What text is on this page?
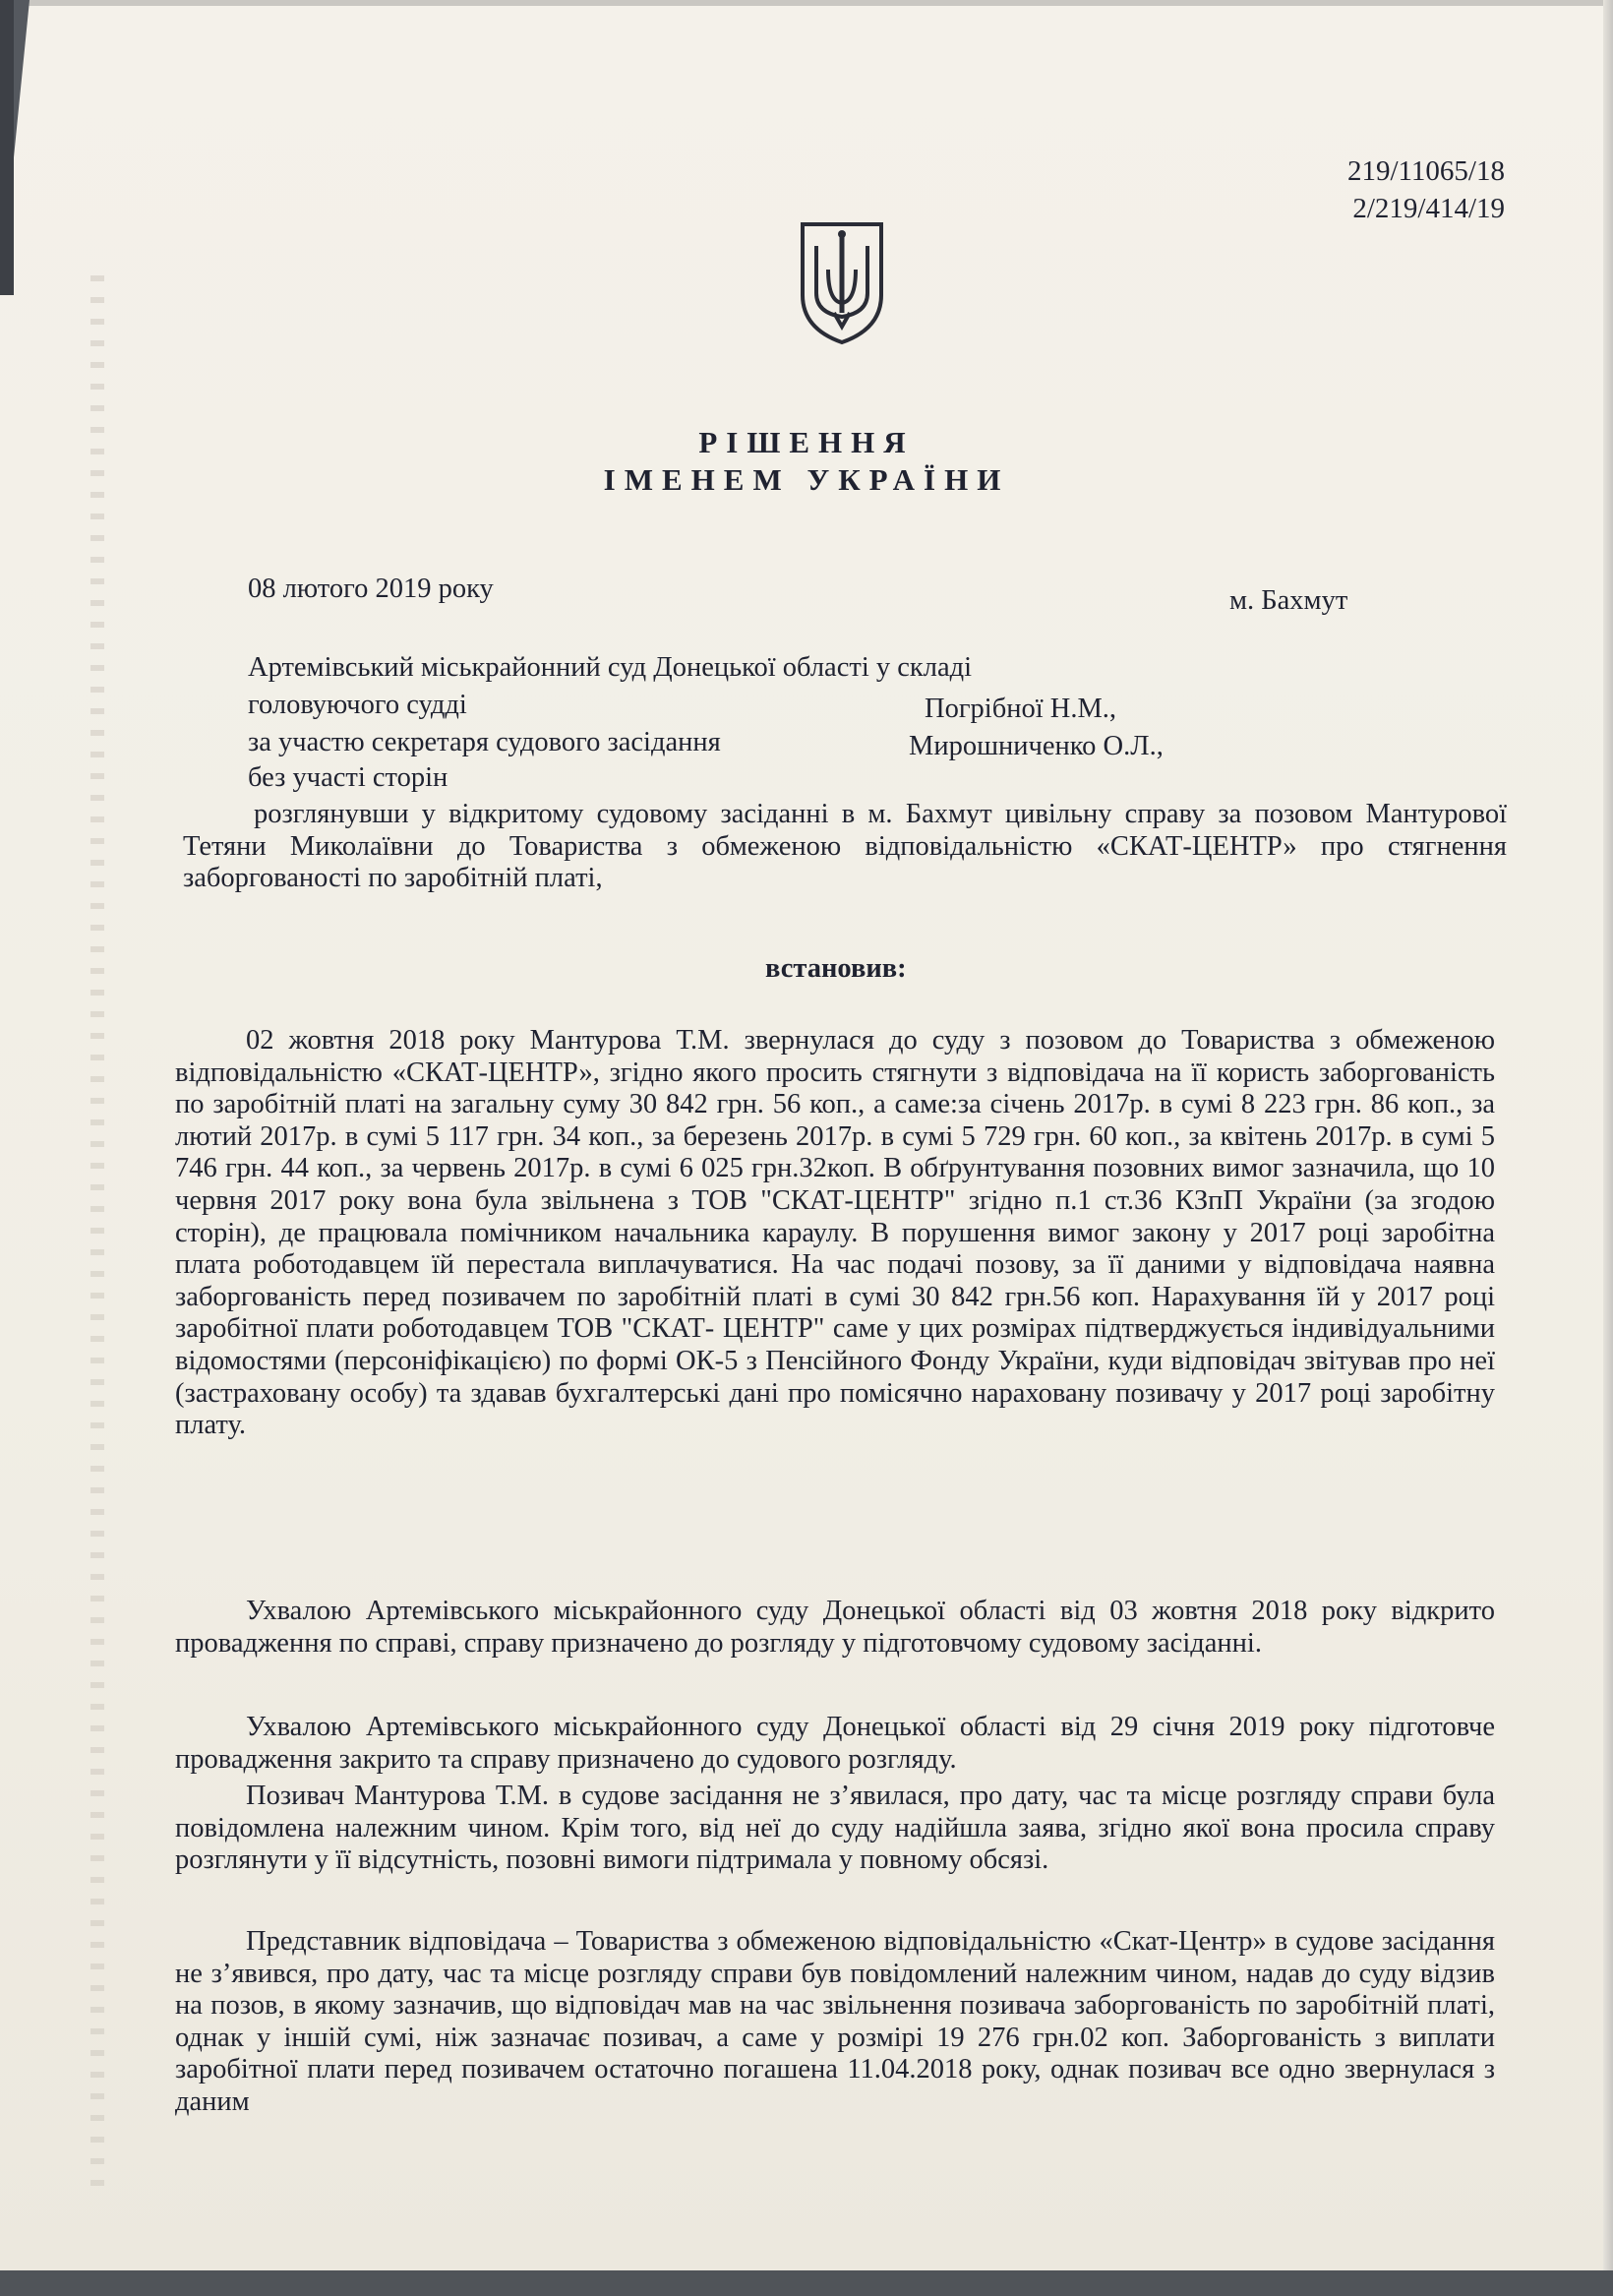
219/11065/18
2/219/414/19
РІШЕННЯ
ІМЕНЕМ УКРАЇНИ
08 лютого 2019 року	м. Бахмут
Артемівський міськрайонний суд Донецької області у складі
головуючого судді	Погрібної Н.М.,
за участю секретаря судового засідання	Мирошниченко О.Л.,
без участі сторін
розглянувши у відкритому судовому засіданні в м. Бахмут цивільну справу за позовом Мантурової Тетяни Миколаївни до Товариства з обмеженою відповідальністю «СКАТ-ЦЕНТР» про стягнення заборгованості по заробітній платі,
встановив:
02 жовтня 2018 року Мантурова Т.М. звернулася до суду з позовом до Товариства з обмеженою відповідальністю «СКАТ-ЦЕНТР», згідно якого просить стягнути з відповідача на її користь заборгованість по заробітній платі на загальну суму 30 842 грн. 56 коп., а саме:за січень 2017р. в сумі 8 223 грн. 86 коп., за лютий 2017р. в сумі 5 117 грн. 34 коп., за березень 2017р. в сумі 5 729 грн. 60 коп., за квітень 2017р. в сумі 5 746 грн. 44 коп., за червень 2017р. в сумі 6 025 грн.32коп. В обґрунтування позовних вимог зазначила, що 10 червня 2017 року вона була звільнена з ТОВ "СКАТ-ЦЕНТР" згідно п.1 ст.36 КЗпП України (за згодою сторін), де працювала помічником начальника караулу. В порушення вимог закону у 2017 році заробітна плата роботодавцем їй перестала виплачуватися. На час подачі позову, за її даними у відповідача наявна заборгованість перед позивачем по заробітній платі в сумі 30 842 грн.56 коп. Нарахування їй у 2017 році заробітної плати роботодавцем ТОВ "СКАТ- ЦЕНТР" саме у цих розмірах підтверджується індивідуальними відомостями (персоніфікацією) по формі ОК-5 з Пенсійного Фонду України, куди відповідач звітував про неї (застраховану особу) та здавав бухгалтерські дані про помісячно нараховану позивачу у 2017 році заробітну плату.
Ухвалою Артемівського міськрайонного суду Донецької області від 03 жовтня 2018 року відкрито провадження по справі, справу призначено до розгляду у підготовчому судовому засіданні.
Ухвалою Артемівського міськрайонного суду Донецької області від 29 січня 2019 року підготовче провадження закрито та справу призначено до судового розгляду.
Позивач Мантурова Т.М. в судове засідання не з’явилася, про дату, час та місце розгляду справи була повідомлена належним чином. Крім того, від неї до суду надійшла заява, згідно якої вона просила справу розглянути у її відсутність, позовні вимоги підтримала у повному обсязі.
Представник відповідача – Товариства з обмеженою відповідальністю «Скат-Центр» в судове засідання не з’явився, про дату, час та місце розгляду справи був повідомлений належним чином, надав до суду відзив на позов, в якому зазначив, що відповідач мав на час звільнення позивача заборгованість по заробітній платі, однак у іншій сумі, ніж зазначає позивач, а саме у розмірі 19 276 грн.02 коп. Заборгованість з виплати заробітної плати перед позивачем остаточно погашена 11.04.2018 року, однак позивач все одно звернулася з даним
